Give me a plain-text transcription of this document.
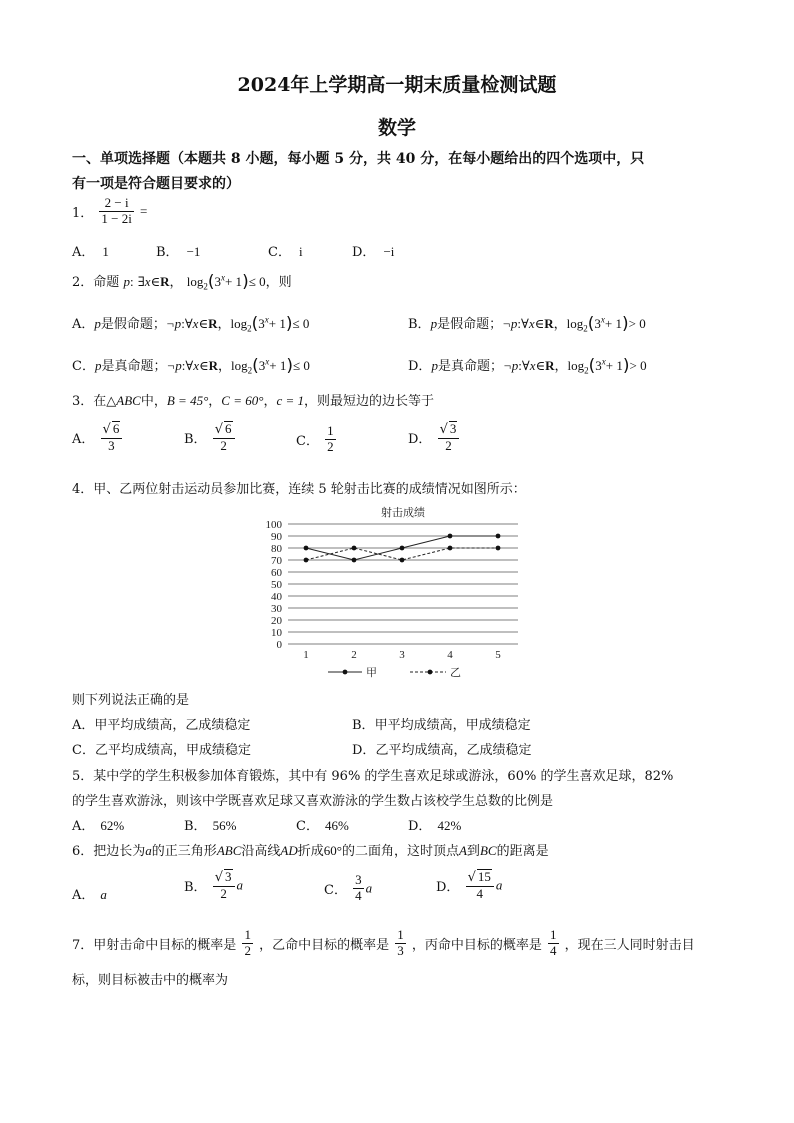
2024年上学期高一期末质量检测试题
数学
一、单项选择题（本题共 8 小题，每小题 5 分，共 40 分，在每小题给出的四个选项中，只
有一项是符合题目要求的）
1． $\frac{2 - i}{1 - 2i}$ =
A． 1	B． −1	C． i	D． −i
2．命题 p: ∃x∈R， $\log_2(3^x+ 1)\le 0$，则
A．p是假命题；¬p:∀x∈R，$\log_2(3^x+ 1)\le 0$	B．p是假命题；¬p:∀x∈R，$\log_2(3^x+ 1)> 0$
C．p是真命题；¬p:∀x∈R，$\log_2(3^x+ 1)\le 0$	D．p是真命题；¬p:∀x∈R，$\log_2(3^x+ 1)> 0$
3．在△ABC中，B = 45°，C = 60°，c = 1，则最短边的边长等于
A． $\frac{√ 6}{3}$	B． $\frac{√ 6}{2}$	C． $\frac{1}{2}$	D． $\frac{√ 3}{2}$
4．甲、乙两位射击运动员参加比赛，连续 5 轮射击比赛的成绩情况如图所示：
射击成绩
0
10
20
30
40
50
60
70
80
90
100
1	2	3	4	5
甲	乙
则下列说法正确的是
A．甲平均成绩高，乙成绩稳定	B．甲平均成绩高，甲成绩稳定
C．乙平均成绩高，甲成绩稳定	D．乙平均成绩高，乙成绩稳定
5．某中学的学生积极参加体育锻炼，其中有 96% 的学生喜欢足球或游泳，60% 的学生喜欢足球，82%
的学生喜欢游泳，则该中学既喜欢足球又喜欢游泳的学生数占该校学生总数的比例是
A． 62%	B． 56%	C． 46%	D． 42%
6．把边长为a的正三角形ABC沿高线AD折成60°的二面角，这时顶点A到BC的距离是
A． a	B． $\frac{√ 3}{2}$ a	C． $\frac{3}{4}$ a	D． $\frac{√ 15}{4}$ a
7．甲射击命中目标的概率是 $\frac{1}{2}$ ，乙命中目标的概率是 $\frac{1}{3}$ ，丙命中目标的概率是 $\frac{1}{4}$ ，现在三人同时射击目
标，则目标被击中的概率为
